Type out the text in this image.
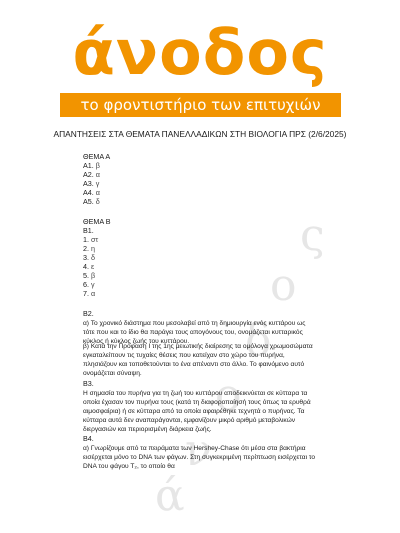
ς
ο
δ
ο
ν
ά
άνοδος
το φροντιστήριο των επιτυχιών
ΑΠΑΝΤΗΣΕΙΣ ΣΤΑ ΘΕΜΑΤΑ ΠΑΝΕΛΛΑΔΙΚΩΝ ΣΤΗ ΒΙΟΛΟΓΙΑ ΠΡΣ (2/6/2025)
ΘΕΜΑ Α
Α1. β
Α2. α
Α3. γ
Α4. α
Α5. δ
ΘΕΜΑ Β
Β1.
1. στ
2. η
3. δ
4. ε
5. β
6. γ
7. α
Β2.
α) Το χρονικό διάστημα που μεσολαβεί από τη δημιουργία ενός κυττάρου ως τότε που και το ίδιο θα παράγει τους απογόνους του, ονομάζεται κυτταρικός κύκλος ή κύκλος ζωής του κυττάρου.
β) Κατά την Πρόφαση Ι της 1ης μειωτικής διαίρεσης τα ομόλογα χρωμοσώματα εγκαταλείπουν τις τυχαίες θέσεις που κατείχαν στο χώρο του πυρήνα, πλησιάζουν και τοποθετούνται το ένα απέναντι στο άλλο. Το φαινόμενο αυτό ονομάζεται σύναψη.
Β3.
Η σημασία του πυρήνα για τη ζωή του κυττάρου αποδεικνύεται σε κύτταρα τα οποία έχασαν τον πυρήνα τους (κατά τη διαφοροποίησή τους όπως τα ερυθρά αιμοσφαίρια) ή σε κύτταρα από τα οποία αφαιρέθηκε τεχνητά ο πυρήνας. Τα κύτταρα αυτά δεν αναπαράγονται, εμφανίζουν μικρό αριθμό μεταβολικών διεργασιών και περιορισμένη διάρκεια ζωής.
Β4.
α) Γνωρίζουμε από τα πειράματα των Hershey-Chase ότι μέσα στα βακτήρια εισέρχεται μόνο το DNA των φάγων. Στη συγκεκριμένη περίπτωση εισέρχεται το DNA του φάγου Τ₂, το οποίο θα
